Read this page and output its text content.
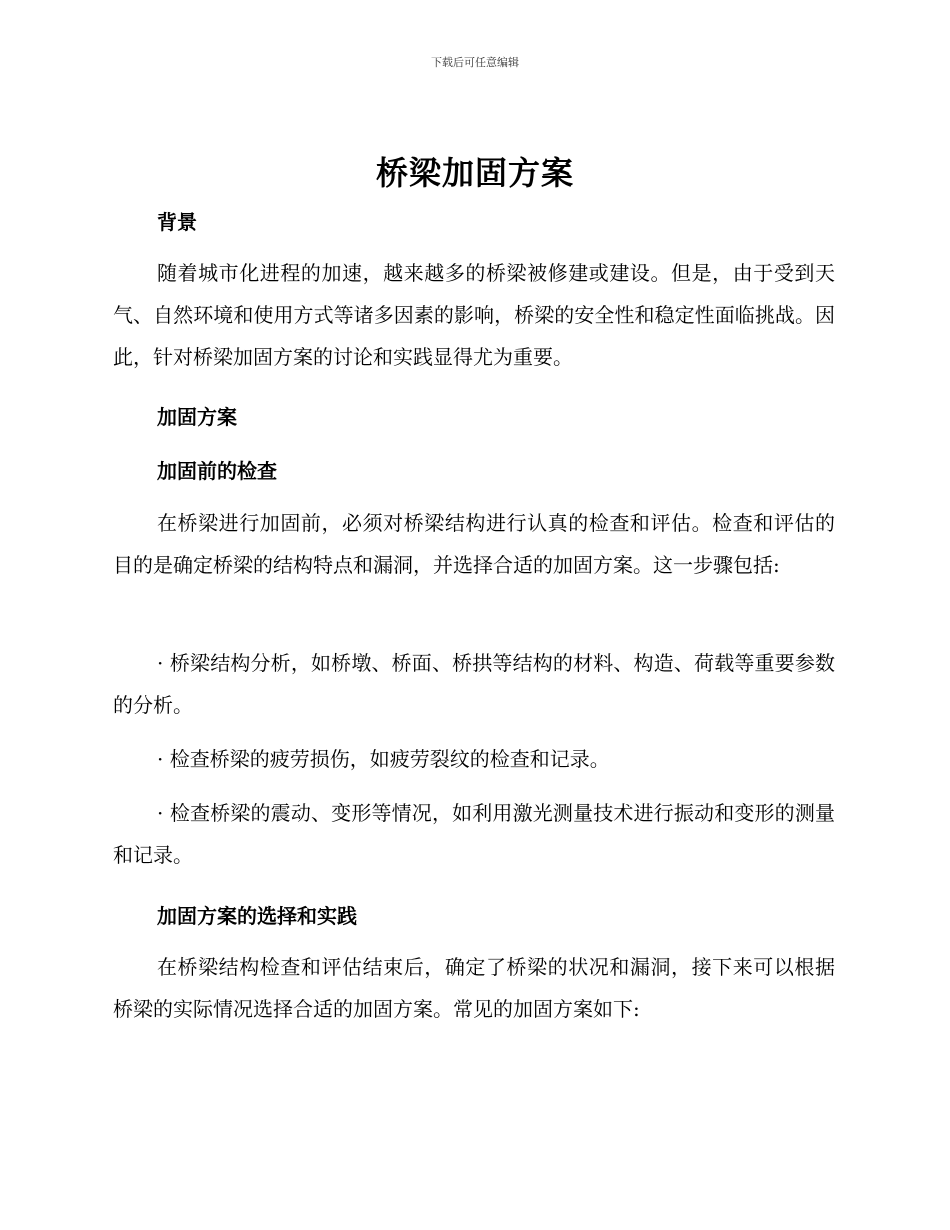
下载后可任意编辑
桥梁加固方案
背景
随着城市化进程的加速，越来越多的桥梁被修建或建设。但是，由于受到天气、自然环境和使用方式等诸多因素的影响，桥梁的安全性和稳定性面临挑战。因此，针对桥梁加固方案的讨论和实践显得尤为重要。
加固方案
加固前的检查
在桥梁进行加固前，必须对桥梁结构进行认真的检查和评估。检查和评估的目的是确定桥梁的结构特点和漏洞，并选择合适的加固方案。这一步骤包括:
· 桥梁结构分析，如桥墩、桥面、桥拱等结构的材料、构造、荷载等重要参数的分析。
· 检查桥梁的疲劳损伤，如疲劳裂纹的检查和记录。
· 检查桥梁的震动、变形等情况，如利用激光测量技术进行振动和变形的测量和记录。
加固方案的选择和实践
在桥梁结构检查和评估结束后，确定了桥梁的状况和漏洞，接下来可以根据桥梁的实际情况选择合适的加固方案。常见的加固方案如下:
